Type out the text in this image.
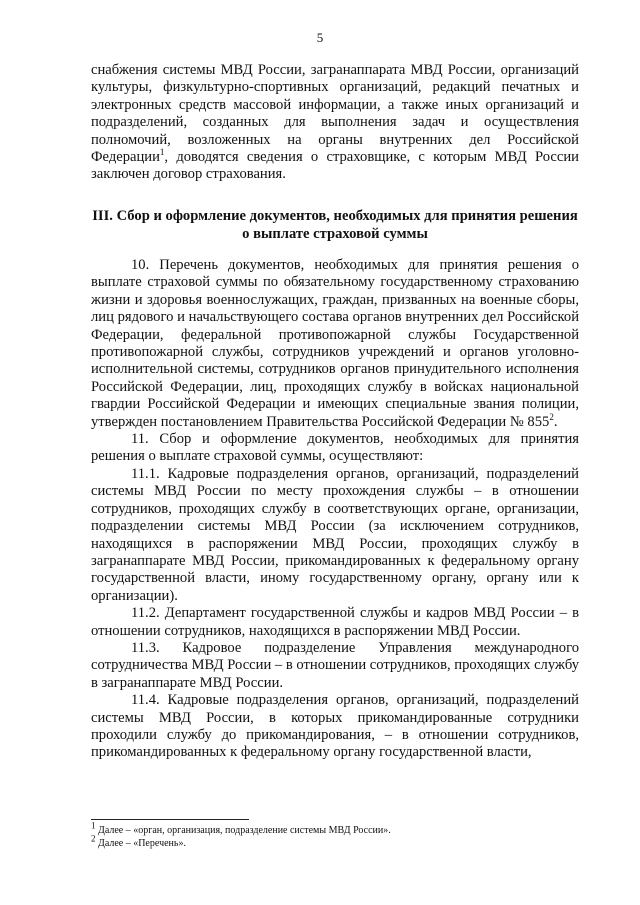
5

снабжения системы МВД России, загранаппарата МВД России, организаций культуры, физкультурно-спортивных организаций, редакций печатных и электронных средств массовой информации, а также иных организаций и подразделений, созданных для выполнения задач и осуществления полномочий, возложенных на органы внутренних дел Российской Федерации$^1$, доводятся сведения о страховщике, с которым МВД России заключен договор страхования.

III. Сбор и оформление документов, необходимых для принятия решения о выплате страховой суммы

10. Перечень документов, необходимых для принятия решения о выплате страховой суммы по обязательному государственному страхованию жизни и здоровья военнослужащих, граждан, призванных на военные сборы, лиц рядового и начальствующего состава органов внутренних дел Российской Федерации, федеральной противопожарной службы Государственной противопожарной службы, сотрудников учреждений и органов уголовно-исполнительной системы, сотрудников органов принудительного исполнения Российской Федерации, лиц, проходящих службу в войсках национальной гвардии Российской Федерации и имеющих специальные звания полиции, утвержден постановлением Правительства Российской Федерации № $855^2$.

11. Сбор и оформление документов, необходимых для принятия решения о выплате страховой суммы, осуществляют:

11.1. Кадровые подразделения органов, организаций, подразделений системы МВД России по месту прохождения службы – в отношении сотрудников, проходящих службу в соответствующих органе, организации, подразделении системы МВД России (за исключением сотрудников, находящихся в распоряжении МВД России, проходящих службу в загранаппарате МВД России, прикомандированных к федеральному органу государственной власти, иному государственному органу, органу или к организации).

11.2. Департамент государственной службы и кадров МВД России – в отношении сотрудников, находящихся в распоряжении МВД России.

11.3. Кадровое подразделение Управления международного сотрудничества МВД России – в отношении сотрудников, проходящих службу в загранаппарате МВД России.

11.4. Кадровые подразделения органов, организаций, подразделений системы МВД России, в которых прикомандированные сотрудники проходили службу до прикомандирования, – в отношении сотрудников, прикомандированных к федеральному органу государственной власти,

$^1$ Далее – «орган, организация, подразделение системы МВД России».

$^2$ Далее – «Перечень».
